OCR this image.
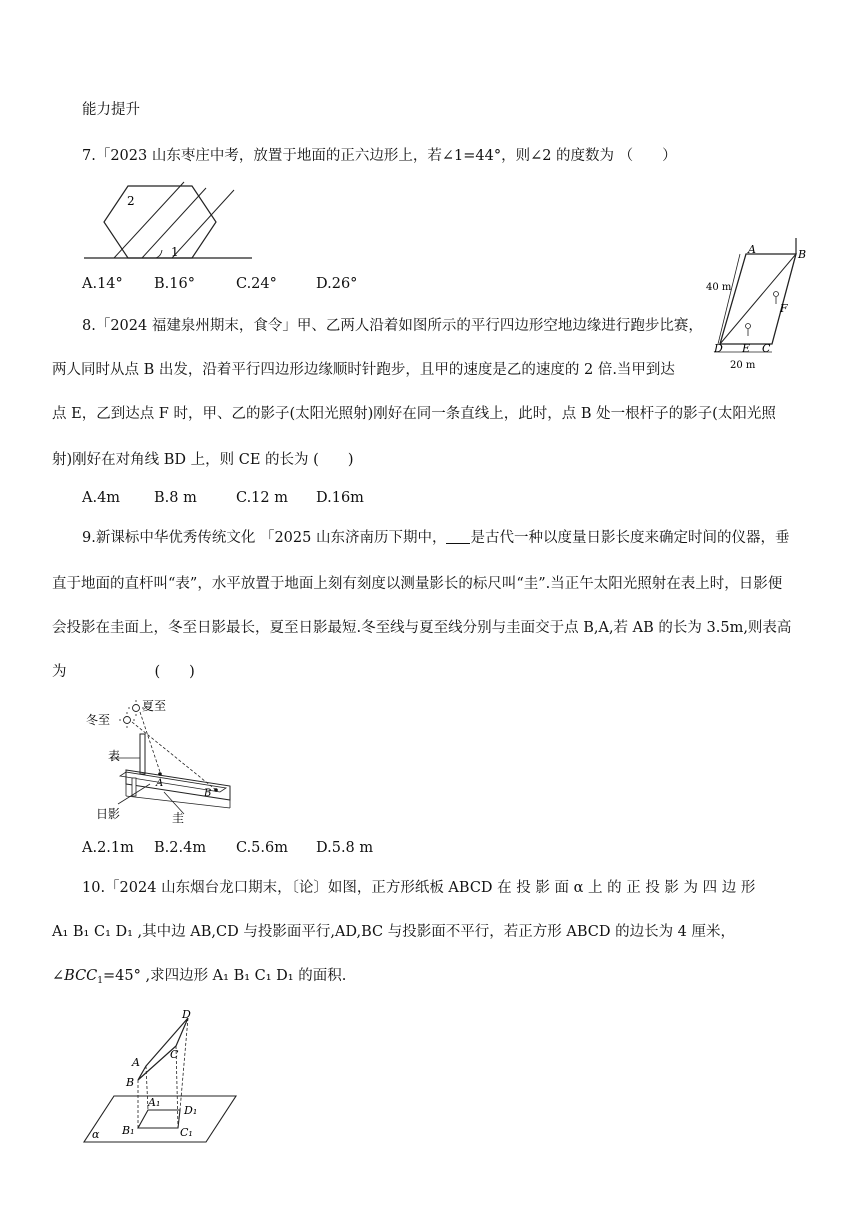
能力提升
7.「2023 山东枣庄中考，放置于地面的正六边形上，若∠1=44°，则∠2 的度数为 （　　）
1
2
A.14° B.16°	C.24°	D.26°
A	B
D E C
F
40 m
20 m
8.「2024 福建泉州期末，食令」甲、乙两人沿着如图所示的平行四边形空地边缘进行跑步比赛，
两人同时从点 B 出发，沿着平行四边形边缘顺时针跑步，且甲的速度是乙的速度的 2 倍.当甲到达
点 E，乙到达点 F 时，甲、乙的影子(太阳光照射)刚好在同一条直线上，此时，点 B 处一根杆子的影子(太阳光照
射)刚好在对角线 BD 上，则 CE 的长为 (　　)
A.4m B.8 m	C.12 m D.16m
9.新课标中华优秀传统文化 「2025 山东济南历下期中， 是古代一种以度量日影长度来确定时间的仪器，垂
直于地面的直杆叫“表”，水平放置于地面上刻有刻度以测量影长的标尺叫“圭”.当正午太阳光照射在表上时，日影便
会投影在圭面上，冬至日影最长，夏至日影最短.冬至线与夏至线分别与圭面交于点 B,A,若 AB 的长为 3.5m,则表高
为	(　　)
冬至
夏至
表
A
B
日影	圭
A.2.1m B.2.4m C.5.6m D.5.8 m
10.「2024 山东烟台龙口期末，〔论〕如图，正方形纸板 ABCD 在 投 影 面 α 上 的 正 投 影 为 四 边 形
A₁ B₁ C₁ D₁ ,其中边 AB,CD 与投影面平行,AD,BC 与投影面不平行，若正方形 ABCD 的边长为 4 厘米，
$\angle BCC_1=45^\circ$ ,求四边形 A₁ B₁ C₁ D₁ 的面积.
D
A
C
B
A₁
D₁
B₁	C₁
α
